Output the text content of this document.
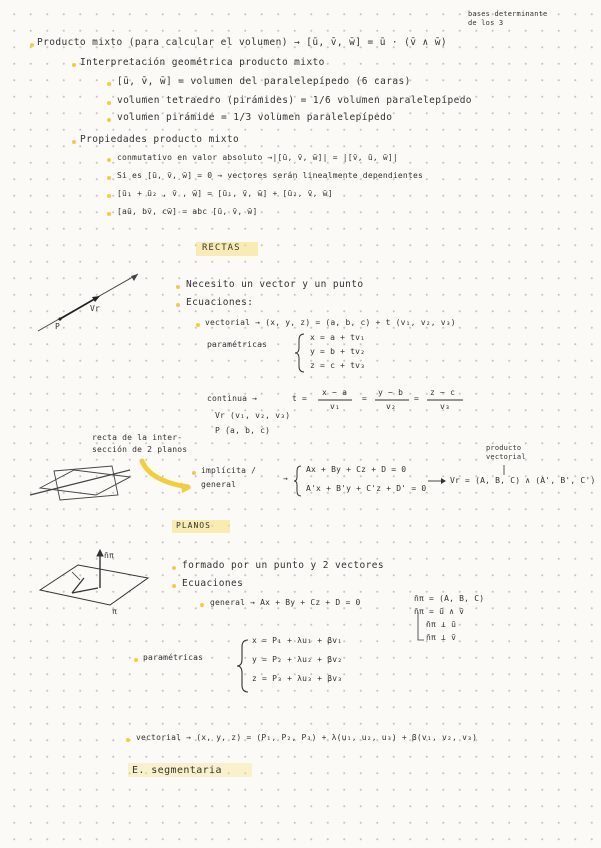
bases determinante de los 3
Producto mixto (para calcular el volumen) → [ū, v̄, w̄] = ū · (v̄ ∧ w̄)
Interpretación geométrica producto mixto
[ū, v̄, w̄] = volumen del paralelepípedo (6 caras)
volumen tetraedro (pirámides) = 1/6 volumen paralelepípedo
volumen pirámide = 1/3 volumen paralelepípedo
Propiedades producto mixto
conmutativo en valor absoluto →|[ū, v̄, w̄]| = |[v̄, ū, w̄]|
Si es [ū, v̄, w̄] = 0 → vectores serán linealmente dependientes
[ū₁ + ū₂ , v̄ , w̄] = [ū₁, v̄, w̄] + [ū₂, v̄, w̄]
[aū, bv̄, cw̄] = abc [ū, v̄, w̄]
RECTAS
Vr
P
Necesito un vector y un punto
Ecuaciones:
vectorial → (x, y, z) = (a, b, c) + t (v₁, v₂, v₃)
paramétricas
x = a + tv₁
y = b + tv₂
z = c + tv₃
continua →	t =
x − a
v₁
=
y − b
v₂
=
z − c
v₃
Vr (v₁, v₂, v₃)
P (a, b, c)
recta de la inter-
sección de 2 planos
implícita /
general
→
Ax + By + Cz + D = 0
A'x + B'y + C'z + D' = 0
producto
vectorial
Vr = (A, B, C) ∧ (A', B', C')
PLANOS
n̄π
π
formado por un punto y 2 vectores
Ecuaciones
general → Ax + By + Cz + D = 0	n̄π = (A, B, C)
n̄π = ū ∧ v̄
n̄π ⊥ ū
n̄π ⊥ v̄
paramétricas
x = P₁ + λu₁ + βv₁
y = P₂ + λu₂ + βv₂
z = P₃ + λu₃ + βv₃
vectorial → (x, y, z) = (P₁, P₂, P₃) + λ(u₁, u₂, u₃) + β(v₁, v₂, v₃)
E. segmentaria
